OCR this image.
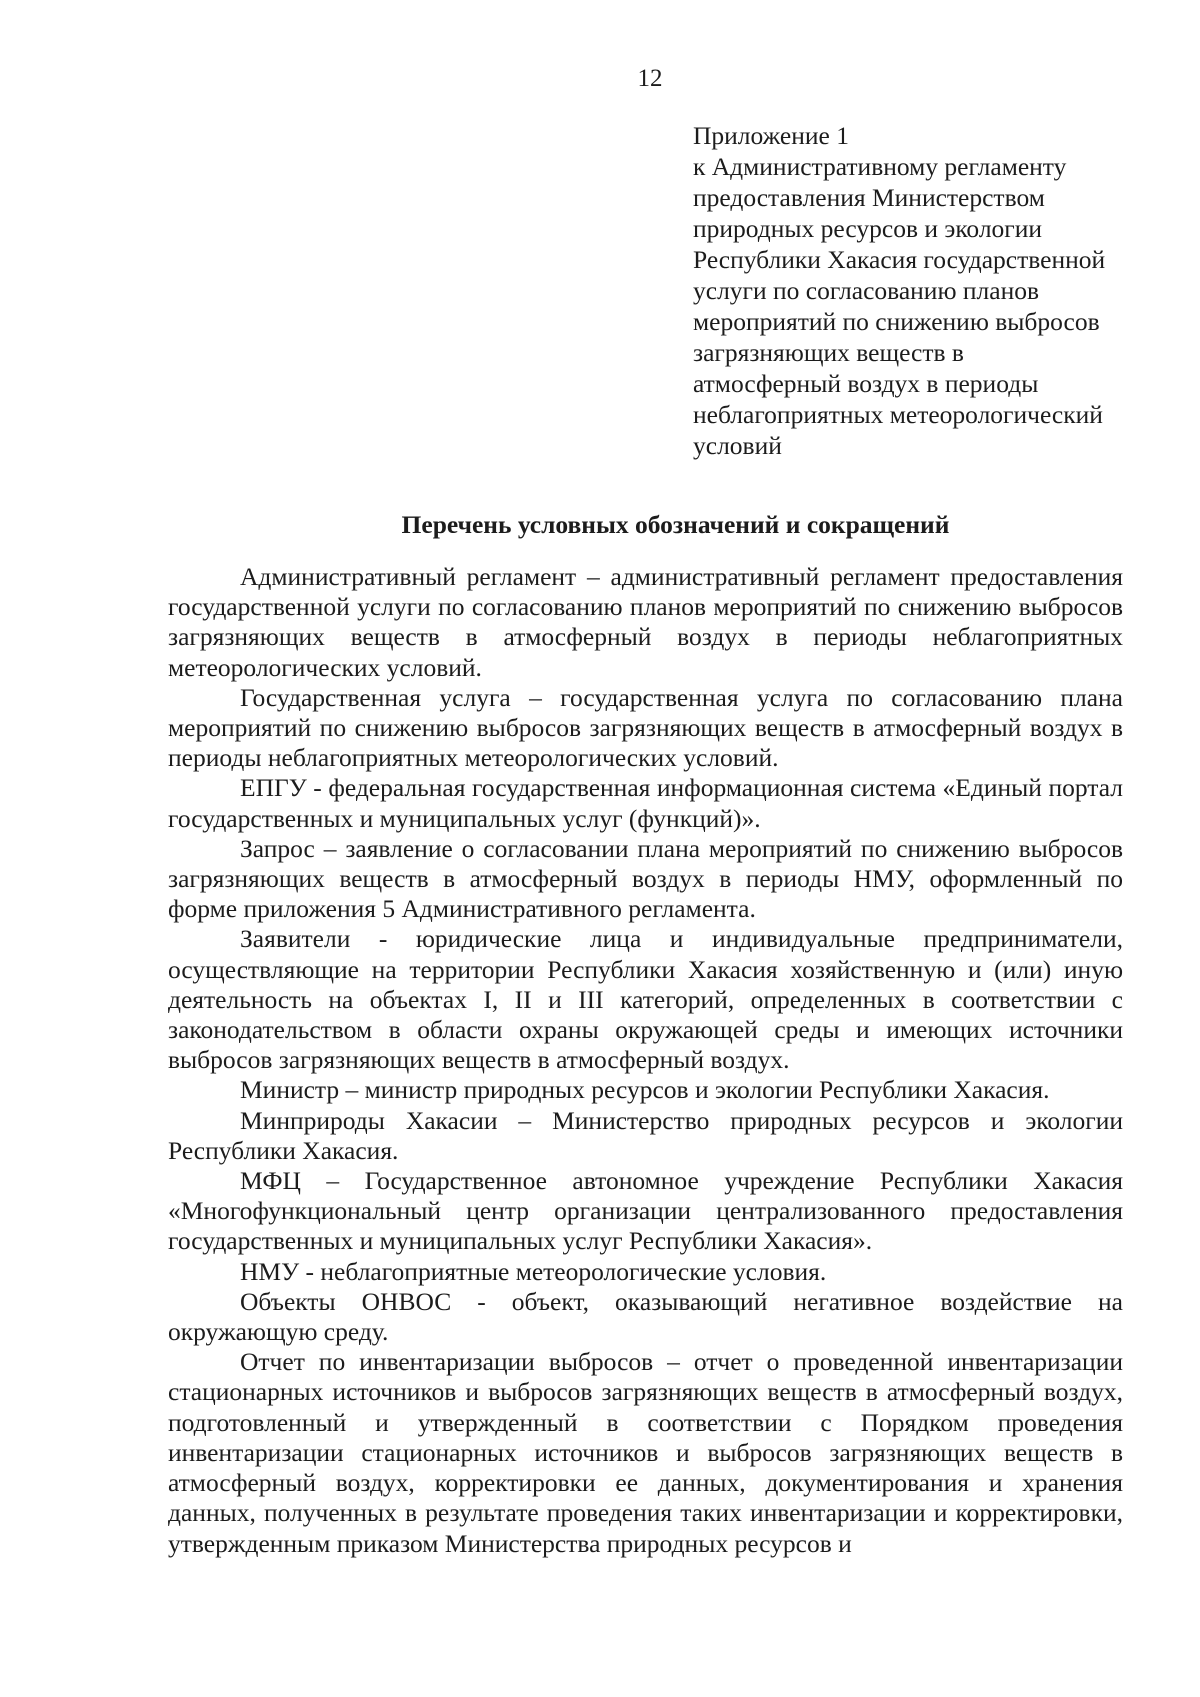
12
Приложение 1
к Административному регламенту
предоставления Министерством
природных ресурсов и экологии
Республики Хакасия государственной
услуги по согласованию планов
мероприятий по снижению выбросов
загрязняющих веществ в
атмосферный воздух в периоды
неблагоприятных метеорологический
условий
Перечень условных обозначений и сокращений

Административный регламент – административный регламент предоставления государственной услуги по согласованию планов мероприятий по снижению выбросов загрязняющих веществ в атмосферный воздух в периоды неблагоприятных метеорологических условий.

Государственная услуга – государственная услуга по согласованию плана мероприятий по снижению выбросов загрязняющих веществ в атмосферный воздух в периоды неблагоприятных метеорологических условий.

ЕПГУ - федеральная государственная информационная система «Единый портал государственных и муниципальных услуг (функций)».

Запрос – заявление о согласовании плана мероприятий по снижению выбросов загрязняющих веществ в атмосферный воздух в периоды НМУ, оформленный по форме приложения 5 Административного регламента.

Заявители - юридические лица и индивидуальные предприниматели, осуществляющие на территории Республики Хакасия хозяйственную и (или) иную деятельность на объектах I, II и III категорий, определенных в соответствии с законодательством в области охраны окружающей среды и имеющих источники выбросов загрязняющих веществ в атмосферный воздух.

Министр – министр природных ресурсов и экологии Республики Хакасия.

Минприроды Хакасии – Министерство природных ресурсов и экологии Республики Хакасия.

МФЦ – Государственное автономное учреждение Республики Хакасия «Многофункциональный центр организации централизованного предоставления государственных и муниципальных услуг Республики Хакасия».

НМУ - неблагоприятные метеорологические условия.

Объекты ОНВОС - объект, оказывающий негативное воздействие на окружающую среду.

Отчет по инвентаризации выбросов – отчет о проведенной инвентаризации стационарных источников и выбросов загрязняющих веществ в атмосферный воздух, подготовленный и утвержденный в соответствии с Порядком проведения инвентаризации стационарных источников и выбросов загрязняющих веществ в атмосферный воздух, корректировки ее данных, документирования и хранения данных, полученных в результате проведения таких инвентаризации и корректировки, утвержденным приказом Министерства природных ресурсов и
